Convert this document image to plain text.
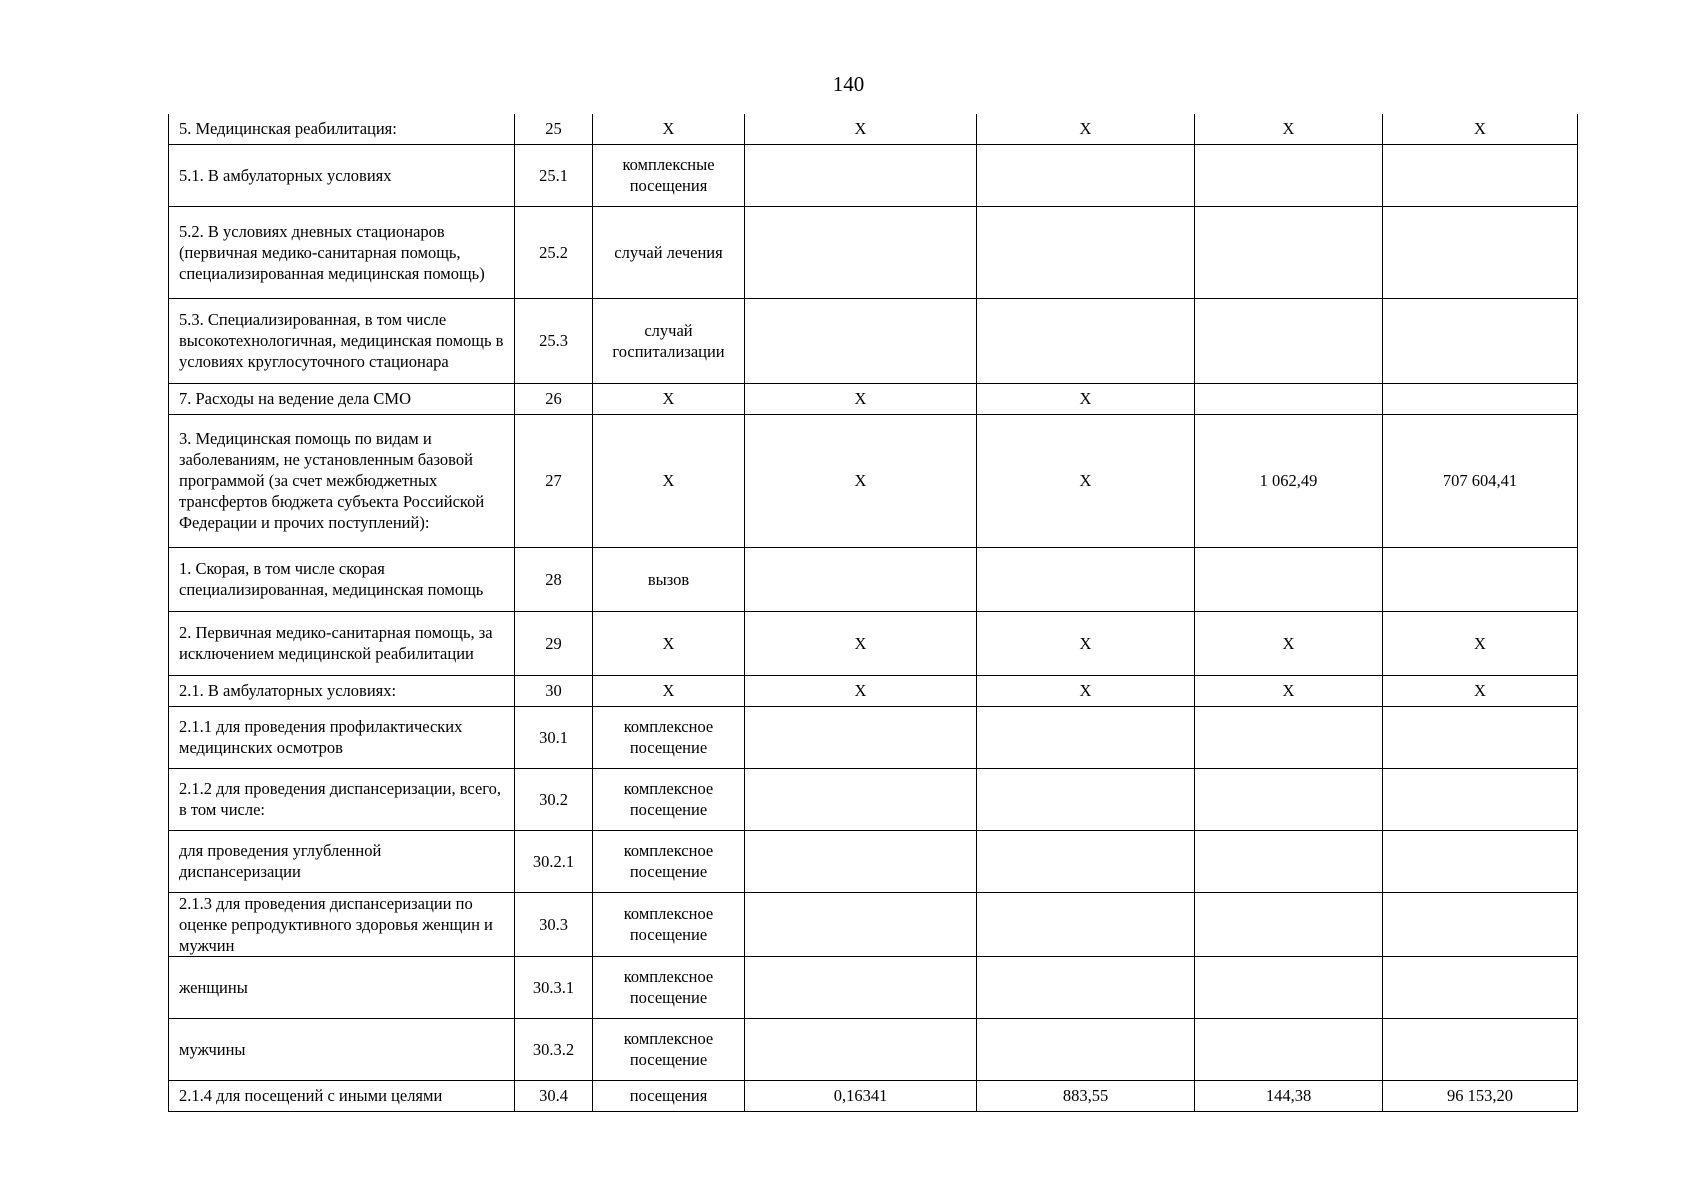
140
5. Медицинская реабилитация:	25	Х	Х	Х	Х	Х
5.1. В амбулаторных условиях	25.1	комплексные посещения				
5.2. В условиях дневных стационаров (первичная медико-санитарная помощь, специализированная медицинская помощь)	25.2	случай лечения				
5.3. Специализированная, в том числе высокотехнологичная, медицинская помощь в условиях круглосуточного стационара	25.3	случай госпитализации				
7. Расходы на ведение дела СМО	26	Х	Х	Х		
3. Медицинская помощь по видам и заболеваниям, не установленным базовой программой (за счет межбюджетных трансфертов бюджета субъекта Российской Федерации и прочих поступлений):	27	Х	Х	Х	1 062,49	707 604,41
1. Скорая, в том числе скорая специализированная, медицинская помощь	28	вызов				
2. Первичная медико-санитарная помощь, за исключением медицинской реабилитации	29	Х	Х	Х	Х	Х
2.1. В амбулаторных условиях:	30	Х	Х	Х	Х	Х
2.1.1 для проведения профилактических медицинских осмотров	30.1	комплексное посещение				
2.1.2 для проведения диспансеризации, всего, в том числе:	30.2	комплексное посещение				
для проведения углубленной диспансеризации	30.2.1	комплексное посещение				
2.1.3 для проведения диспансеризации по оценке репродуктивного здоровья женщин и мужчин	30.3	комплексное посещение				
женщины	30.3.1	комплексное посещение				
мужчины	30.3.2	комплексное посещение				
2.1.4 для посещений с иными целями	30.4	посещения	0,16341	883,55	144,38	96 153,20
